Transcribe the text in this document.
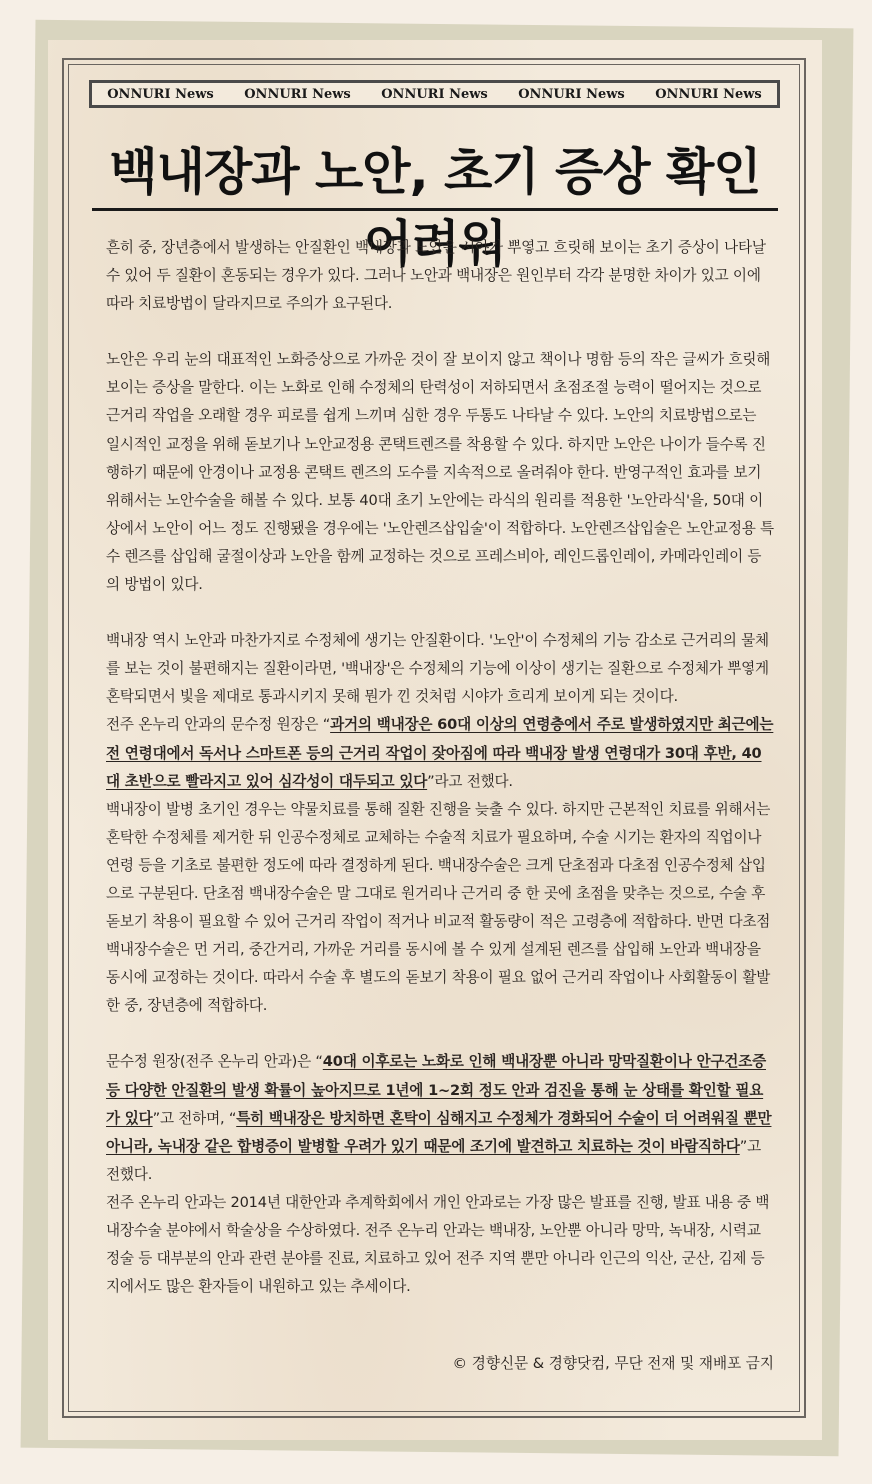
ONNURI News ONNURI News ONNURI News ONNURI News ONNURI News
백내장과 노안, 초기 증상 확인 어려워

흔히 중, 장년층에서 발생하는 안질환인 백내장과 노안은 시야가 뿌옇고 흐릿해 보이는 초기 증상이 나타날 수 있어 두 질환이 혼동되는 경우가 있다. 그러나 노안과 백내장은 원인부터 각각 분명한 차이가 있고 이에 따라 치료방법이 달라지므로 주의가 요구된다.

노안은 우리 눈의 대표적인 노화증상으로 가까운 것이 잘 보이지 않고 책이나 명함 등의 작은 글씨가 흐릿해 보이는 증상을 말한다. 이는 노화로 인해 수정체의 탄력성이 저하되면서 초점조절 능력이 떨어지는 것으로 근거리 작업을 오래할 경우 피로를 쉽게 느끼며 심한 경우 두통도 나타날 수 있다. 노안의 치료방법으로는 일시적인 교정을 위해 돋보기나 노안교정용 콘택트렌즈를 착용할 수 있다. 하지만 노안은 나이가 들수록 진행하기 때문에 안경이나 교정용 콘택트 렌즈의 도수를 지속적으로 올려줘야 한다. 반영구적인 효과를 보기 위해서는 노안수술을 해볼 수 있다. 보통 40대 초기 노안에는 라식의 원리를 적용한 '노안라식'을, 50대 이상에서 노안이 어느 정도 진행됐을 경우에는 '노안렌즈삽입술'이 적합하다. 노안렌즈삽입술은 노안교정용 특수 렌즈를 삽입해 굴절이상과 노안을 함께 교정하는 것으로 프레스비아, 레인드롭인레이, 카메라인레이 등의 방법이 있다.

백내장 역시 노안과 마찬가지로 수정체에 생기는 안질환이다. '노안'이 수정체의 기능 감소로 근거리의 물체를 보는 것이 불편해지는 질환이라면, '백내장'은 수정체의 기능에 이상이 생기는 질환으로 수정체가 뿌옇게 혼탁되면서 빛을 제대로 통과시키지 못해 뭔가 낀 것처럼 시야가 흐리게 보이게 되는 것이다.

전주 온누리 안과의 문수정 원장은 “과거의 백내장은 60대 이상의 연령층에서 주로 발생하였지만 최근에는 전 연령대에서 독서나 스마트폰 등의 근거리 작업이 잦아짐에 따라 백내장 발생 연령대가 30대 후반, 40대 초반으로 빨라지고 있어 심각성이 대두되고 있다”라고 전했다.

백내장이 발병 초기인 경우는 약물치료를 통해 질환 진행을 늦출 수 있다. 하지만 근본적인 치료를 위해서는 혼탁한 수정체를 제거한 뒤 인공수정체로 교체하는 수술적 치료가 필요하며, 수술 시기는 환자의 직업이나 연령 등을 기초로 불편한 정도에 따라 결정하게 된다. 백내장수술은 크게 단초점과 다초점 인공수정체 삽입으로 구분된다. 단초점 백내장수술은 말 그대로 원거리나 근거리 중 한 곳에 초점을 맞추는 것으로, 수술 후 돋보기 착용이 필요할 수 있어 근거리 작업이 적거나 비교적 활동량이 적은 고령층에 적합하다. 반면 다초점 백내장수술은 먼 거리, 중간거리, 가까운 거리를 동시에 볼 수 있게 설계된 렌즈를 삽입해 노안과 백내장을 동시에 교정하는 것이다. 따라서 수술 후 별도의 돋보기 착용이 필요 없어 근거리 작업이나 사회활동이 활발한 중, 장년층에 적합하다.

문수정 원장(전주 온누리 안과)은 “40대 이후로는 노화로 인해 백내장뿐 아니라 망막질환이나 안구건조증 등 다양한 안질환의 발생 확률이 높아지므로 1년에 1~2회 정도 안과 검진을 통해 눈 상태를 확인할 필요가 있다”고 전하며, “특히 백내장은 방치하면 혼탁이 심해지고 수정체가 경화되어 수술이 더 어려워질 뿐만 아니라, 녹내장 같은 합병증이 발병할 우려가 있기 때문에 조기에 발견하고 치료하는 것이 바람직하다”고 전했다.

전주 온누리 안과는 2014년 대한안과 추계학회에서 개인 안과로는 가장 많은 발표를 진행, 발표 내용 중 백내장수술 분야에서 학술상을 수상하였다. 전주 온누리 안과는 백내장, 노안뿐 아니라 망막, 녹내장, 시력교정술 등 대부분의 안과 관련 분야를 진료, 치료하고 있어 전주 지역 뿐만 아니라 인근의 익산, 군산, 김제 등지에서도 많은 환자들이 내원하고 있는 추세이다.

© 경향신문 & 경향닷컴, 무단 전재 및 재배포 금지
